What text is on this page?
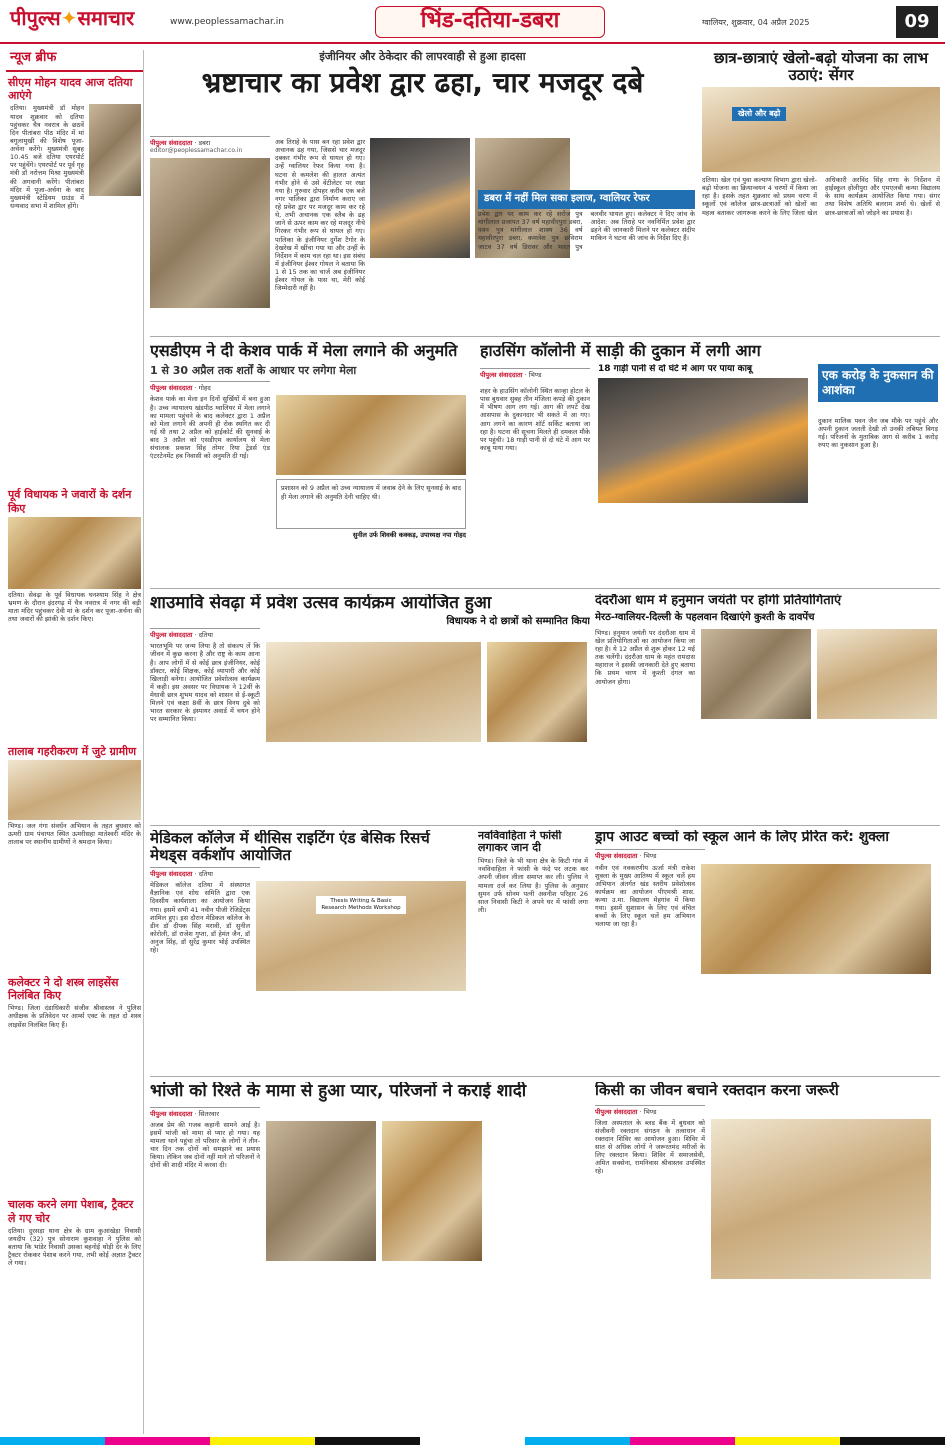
पीपुल्स✦समाचार	www.peoplessamachar.in	भिंड-दतिया-डबरा	ग्वालियर, शुक्रवार, 04 अप्रैल 2025	09
न्यूज ब्रीफ
सीएम मोहन यादव आज दतिया आएंगे
दतिया। मुख्यमंत्री डॉ मोहन यादव शुक्रवार को दतिया पहुंचकर चैत्र नवरात्र के छठवें दिन पीतांबरा पीठ मंदिर में मां बगुलामुखी की विशेष पूजा-अर्चना करेंगे। मुख्यमंत्री सुबह 10.45 बजे दतिया एयरपोर्ट पर पहुंचेंगे। एयरपोर्ट पर पूर्व गृह मंत्री डॉ नरोत्तम मिश्रा मुख्यमंत्री की अगवानी करेंगे। पीतांबरा मंदिर में पूजा-अर्चना के बाद मुख्यमंत्री स्टेडियम ग्राउंड में धन्यवाद सभा में शामिल होंगे।
पूर्व विधायक ने जवारों के दर्शन किए
दतिया। सेवढ़ा के पूर्व विधायक घनश्याम सिंह ने क्षेत्र भ्रमण के दौरान इंदरगढ़ में चैत्र नवरात्र में नगर की बड़ी माता मंदिर पहुंचकर देवी मां के दर्शन कर पूजा-अर्चना की तथा जवारों की झांकी के दर्शन किए।
तालाब गहरीकरण में जुटे ग्रामीण
भिण्ड। जल गंगा संवर्धन अभियान के तहत बुधवार को ऊमरी ग्राम पंचायत स्थित ऊमरीसहा मातेश्वरी मंदिर के तालाब पर स्थानीय ग्रामीणों ने श्रमदान किया।
कलेक्टर ने दो शस्त्र लाइसेंस निलंबित किए
भिण्ड। जिला दंडाधिकारी संजीव श्रीवास्तव ने पुलिस अधीक्षक के प्रतिवेदन पर आर्म्स एक्ट के तहत दो शस्त्र लाइसेंस निलंबित किए हैं।
चालक करने लगा पेशाब, ट्रैक्टर ले गए चोर
दतिया। दुरसड़ा थाना क्षेत्र के ग्राम कुआंखेड़ा निवासी जयदीप (32) पुत्र सोनाराम कुशवाहा ने पुलिस को बताया कि भांडेर निवासी उसका बहनोई थोड़ी देर के लिए ट्रैक्टर रोककर पेशाब करने गया, तभी कोई अज्ञात ट्रैक्टर ले गया।
इंजीनियर और ठेकेदार की लापरवाही से हुआ हादसा
भ्रष्टाचार का प्रवेश द्वार ढहा, चार मजदूर दबे
पीपुल्स संवाददाता · डबरा
editor@peoplessamachar.co.in
अब तिराहे के पास बन रहा प्रवेश द्वार अचानक ढह गया, जिससे चार मजदूर दबकर गंभीर रूप से घायल हो गए। उन्हें ग्वालियर रेफर किया गया है। घटना से कमलेश की हालत अत्यंत गंभीर होने से उसे वेंटीलेटर पर रखा गया है। गुरुवार दोपहर करीब एक बजे नगर पालिका द्वारा निर्माण कराए जा रहे प्रवेश द्वार पर मजदूर काम कर रहे थे, तभी अचानक एक स्लैब के ढह जाने से ऊपर काम कर रहे मजदूर नीचे गिरकर गंभीर रूप से घायल हो गए। पालिका के इंजीनियर दुर्गेश टैगोर के देखरेख में खींचा गया था और उन्हीं के निर्देशन में काम चल रहा था। इस संबंध में इंजीनियर ईश्वर गोयल ने बताया कि 1 से 15 तक का चार्ज अब इंजीनियर ईश्वर गोयल के पास था, मेरी कोई जिम्मेदारी नहीं है।
डबरा में नहीं मिल सका इलाज, ग्वालियर रेफर
प्रवेश द्वार पर काम कर रहे सरोज पुत्र मांगीलाल प्रजापत 37 वर्ष महावीरपुरा डबरा, पवन पुत्र मांगीलाल शाक्य 36 वर्ष महावीरपुरा डबरा, कमलेश पुत्र छविराम जाटव 37 वर्ष डिरावर और भारत पुत्र बलवीर घायल हुए। कलेक्टर ने दिए जांच के आदेश: अब तिराहे पर नवनिर्मित प्रवेश द्वार ढहने की जानकारी मिलने पर कलेक्टर संदीप माकिन ने घटना की जांच के निर्देश दिए हैं।
छात्र-छात्राएं खेलो-बढ़ो योजना का लाभ उठाएं: सेंगर
खेलो और बढ़ो
दतिया। खेल एवं युवा कल्याण विभाग द्वारा खेलो-बढ़ो योजना का क्रियान्वयन 4 चरणों में किया जा रहा है। इसके तहत शुक्रवार को प्रथम चरण में स्कूलों एवं कॉलेज छात्र-छात्राओं को खेलों का महत्व बताकर जागरूक करने के लिए जिला खेल अधिकारी अरविंद सिंह राणा के निर्देशन में हाईस्कूल होलीपुरा और एमएलबी कन्या विद्यालय के साथ कार्यक्रम आयोजित किया गया। संगर तथा विशेष अतिथि बलराम शर्मा थे। खेलों से छात्र-छात्राओं को जोड़ने का प्रयास है।
एसडीएम ने दी केशव पार्क में मेला लगाने की अनुमति
1 से 30 अप्रैल तक शर्तों के आधार पर लगेगा मेला
पीपुल्स संवाददाता · गोहद
केशव पार्क का मेला इन दिनों सुर्खियों में बना हुआ है। उच्च न्यायालय खंडपीठ ग्वालियर में मेला लगाने का मामला पहुंचने के बाद कलेक्टर द्वारा 1 अप्रैल को मेला लगाने की अपनी ही रोक स्थगित कर दी गई थी तथा 2 अप्रैल को हाईकोर्ट की सुनवाई के बाद 3 अप्रैल को एसडीएम कार्यालय से मेला संचालक प्रकाश सिंह तोमर रिया ट्रेडर्स एंड एंटरटेनमेंट हब निवासी को अनुमति दी गई।
प्रशासन को 9 अप्रैल को उच्च न्यायालय में जवाब देने के लिए सुनवाई के बाद ही मेला लगाने की अनुमति देनी चाहिए थी।
सुनील उर्फ शिवकी कक्कड़, उपाध्यक्ष नपा गोहद
हाउसिंग कॉलोनी में साड़ी की दुकान में लगी आग
पीपुल्स संवाददाता · भिण्ड
शहर के हाउसिंग कॉलोनी स्थित कान्हा होटल के पास बुधवार सुबह तीन मंजिला कपड़े की दुकान में भीषण आग लग गई। आग की लपटें देख आसपास के दुकानदार भी सकते में आ गए। आग लगने का कारण शॉर्ट सर्किट बताया जा रहा है। घटना की सूचना मिलते ही दमकल मौके पर पहुंची। 18 गाड़ी पानी से दो घंटे में आग पर काबू पाया गया।
18 गाड़ी पानी से दो घंटे में आग पर पाया काबू	एक करोड़ के नुकसान की आशंका
दुकान मालिक पवन जैन जब मौके पर पहुंचे और अपनी दुकान जलती देखी तो उनकी तबियत बिगड़ गई। परिजनों के मुताबिक आग से करीब 1 करोड़ रुपए का नुकसान हुआ है।
शाउमावि सेवढ़ा में प्रवेश उत्सव कार्यक्रम आयोजित हुआ
विधायक ने दो छात्रों को सम्मानित किया
पीपुल्स संवाददाता · दतिया
भारतभूमि पर जन्म लिया है तो संकल्प लें कि जीवन में कुछ करना है और राष्ट्र के काम आना है। आप लोगों में से कोई छात्र इंजीनियर, कोई डॉक्टर, कोई शिक्षक, कोई व्यापारी और कोई खिलाड़ी बनेगा। आयोजित प्रवेशोत्सव कार्यक्रम में कही। इस अवसर पर विधायक ने 12वीं के मेधावी छात्र शुभम यादव को शासन से ई-स्कूटी मिलने एवं कक्षा 8वीं के छात्र विनय दुबे को भारत सरकार के इंस्पायर अवार्ड में चयन होने पर सम्मानित किया।
दंदरौआ धाम में हनुमान जयंती पर होंगी प्रतियोगिताएं
मेरठ-ग्वालियर-दिल्ली के पहलवान दिखाएंगे कुश्ती के दावपेंच
भिण्ड। हनुमान जयंती पर दंदरौआ धाम में खेल प्रतियोगिताओं का आयोजन किया जा रहा है। ये 12 अप्रैल से शुरू होकर 12 मई तक चलेंगी। दंदरौआ धाम के महंत रामदास महाराज ने इसकी जानकारी देते हुए बताया कि प्रथम चरण में कुश्ती दंगल का आयोजन होगा।
मेडिकल कॉलेज में थीसिस राइटिंग एंड बेसिक रिसर्च मेथड्स वर्कशॉप आयोजित
पीपुल्स संवाददाता · दतिया
मेडिकल कॉलेज दतिया में संस्थागत वैज्ञानिक एवं शोध समिति द्वारा एक दिवसीय कार्यशाला का आयोजन किया गया। इसमें सभी 41 नवीन पीजी रेजिडेंट्स शामिल हुए। इस दौरान मेडिकल कॉलेज के डीन डॉ दीपक सिंह मरावी, डॉ सुनील कोरोली, डॉ राजेश गुप्ता, डॉ हेमंत जैन, डॉ अनुज सिंह, डॉ सुरेंद्र कुमार भोई उपस्थित रहे।
Thesis Writing & Basic Research Methods Workshop
नवविवाहिता ने फांसी लगाकर जान दी
भिण्ड। जिले के भी थाना क्षेत्र के किटी गांव में नवविवाहिता ने फांसी के फंदे पर लटक कर अपनी जीवन लीला समाप्त कर ली। पुलिस ने मामला दर्ज कर लिया है। पुलिस के अनुसार सुमन उर्फ सोनम पत्नी अवनीश परिहार 26 साल निवासी किटी ने अपने घर में फांसी लगा ली।
ड्राप आउट बच्चों को स्कूल आने के लिए प्रेरित करें: शुक्ला
पीपुल्स संवाददाता · भिण्ड
नवीन एवं नवकरणीय ऊर्जा मंत्री राकेश शुक्ला के मुख्य आतिथ्य में स्कूल चलें हम अभियान अंतर्गत खंड स्तरीय प्रवेशोत्सव कार्यक्रम का आयोजन पीएमश्री शास. कन्या उ.मा. विद्यालय मेहगांव में किया गया। इसमें सुशासन के लिए एवं वंचित बच्चों के लिए स्कूल चलें हम अभियान चलाया जा रहा है।
भांजी को रिश्ते के मामा से हुआ प्यार, परिजनों ने कराई शादी
पीपुल्स संवाददाता · सितरवार
अजब प्रेम की गजब कहानी सामने आई है। इसमें भांजी को मामा से प्यार हो गया। यह मामला थाने पहुंचा तो परिवार के लोगों ने तीन-चार दिन तक दोनों को समझाने का प्रयास किया। लेकिन जब दोनों नहीं माने तो परिजनों ने दोनों की शादी मंदिर में करवा दी।
किसी का जीवन बचाने रक्तदान करना जरूरी
पीपुल्स संवाददाता · भिण्ड
जिला अस्पताल के ब्लड बैंक में बुधवार को संजीवनी रक्तदान संगठन के तत्वाधान में रक्तदान शिविर का आयोजन हुआ। शिविर में सात से अधिक लोगों ने जरूरतमंद मरीजों के लिए रक्तदान किया। शिविर में समाजसेवी, अमित सक्सेना, रामनिवास श्रीवास्तव उपस्थित रहे।
